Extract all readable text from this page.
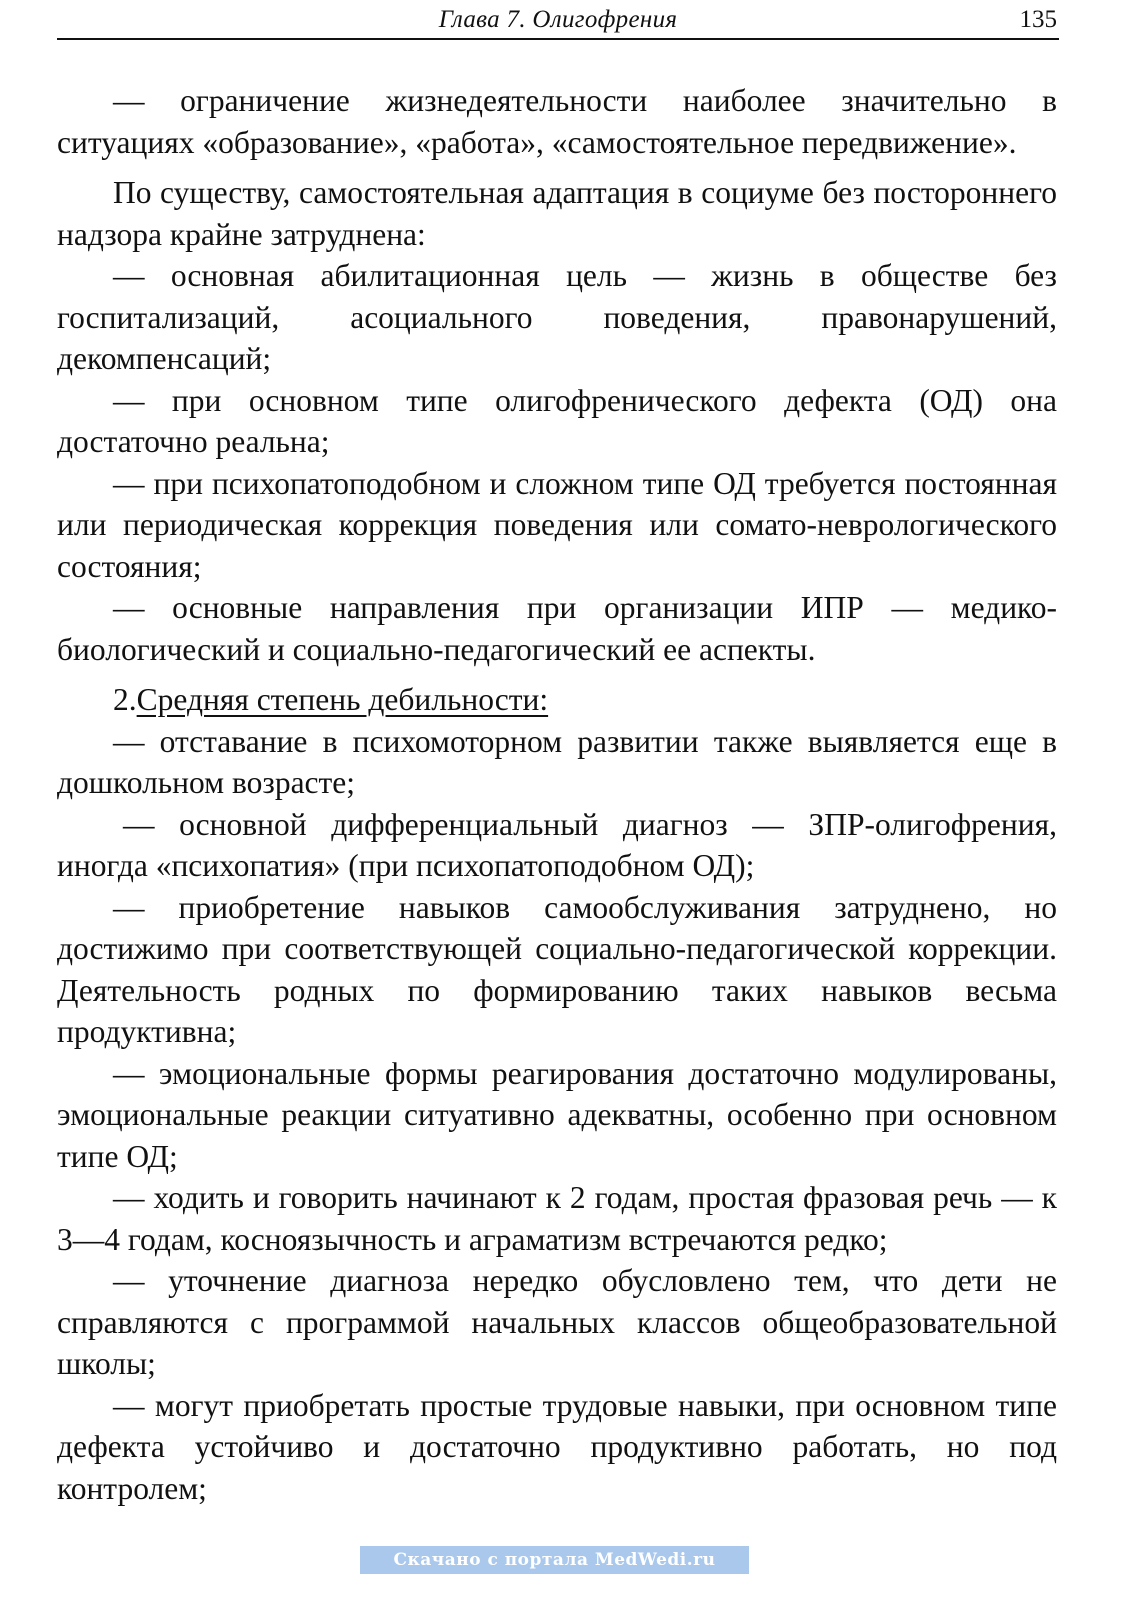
Глава 7. Олигофрения	135

— ограничение жизнедеятельности наиболее значительно в ситуациях «образование», «работа», «самостоятельное передвижение».

По существу, самостоятельная адаптация в социуме без постороннего надзора крайне затруднена:

— основная абилитационная цель — жизнь в обществе без госпитализаций, асоциального поведения, правонарушений, декомпенсаций;

— при основном типе олигофренического дефекта (ОД) она достаточно реальна;

— при психопатоподобном и сложном типе ОД требуется постоянная или периодическая коррекция поведения или сомато-неврологического состояния;

— основные направления при организации ИПР — медико-биологический и социально-педагогический ее аспекты.

2.Средняя степень дебильности:

— отставание в психомоторном развитии также выявляется еще в дошкольном возрасте;

— основной дифференциальный диагноз — ЗПР-олигофрения, иногда «психопатия» (при психопатоподобном ОД);

— приобретение навыков самообслуживания затруднено, но достижимо при соответствующей социально-педагогической коррекции. Деятельность родных по формированию таких навыков весьма продуктивна;

— эмоциональные формы реагирования достаточно модулированы, эмоциональные реакции ситуативно адекватны, особенно при основном типе ОД;

— ходить и говорить начинают к 2 годам, простая фразовая речь — к 3—4 годам, косноязычность и аграматизм встречаются редко;

— уточнение диагноза нередко обусловлено тем, что дети не справляются с программой начальных классов общеобразовательной школы;

— могут приобретать простые трудовые навыки, при основном типе дефекта устойчиво и достаточно продуктивно работать, но под контролем;

Скачано с портала MedWedi.ru
